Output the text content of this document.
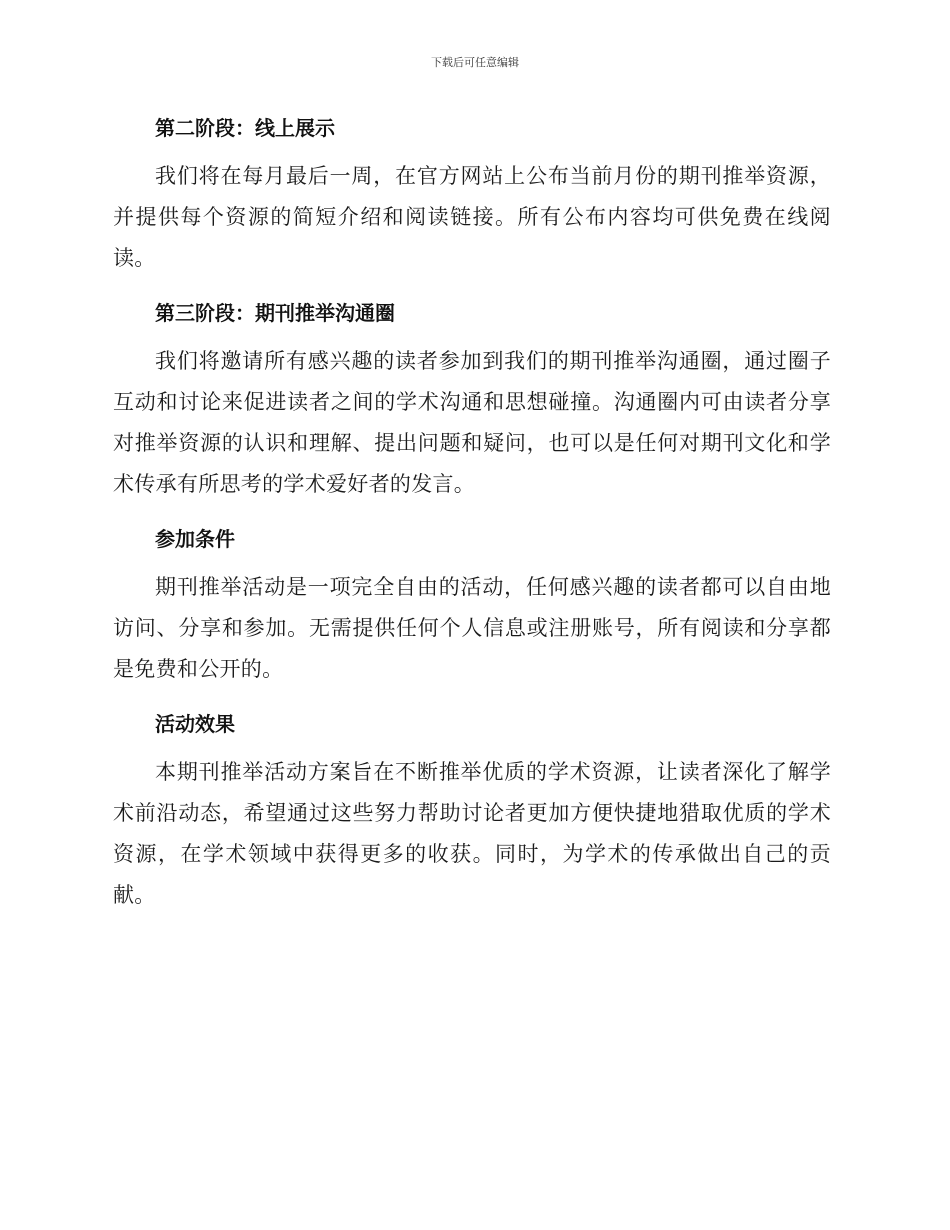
下载后可任意编辑
第二阶段：线上展示

我们将在每月最后一周，在官方网站上公布当前月份的期刊推举资源，并提供每个资源的简短介绍和阅读链接。所有公布内容均可供免费在线阅读。

第三阶段：期刊推举沟通圈

我们将邀请所有感兴趣的读者参加到我们的期刊推举沟通圈，通过圈子互动和讨论来促进读者之间的学术沟通和思想碰撞。沟通圈内可由读者分享对推举资源的认识和理解、提出问题和疑问，也可以是任何对期刊文化和学术传承有所思考的学术爱好者的发言。

参加条件

期刊推举活动是一项完全自由的活动，任何感兴趣的读者都可以自由地访问、分享和参加。无需提供任何个人信息或注册账号，所有阅读和分享都是免费和公开的。

活动效果

本期刊推举活动方案旨在不断推举优质的学术资源，让读者深化了解学术前沿动态，希望通过这些努力帮助讨论者更加方便快捷地猎取优质的学术资源，在学术领域中获得更多的收获。同时，为学术的传承做出自己的贡献。
